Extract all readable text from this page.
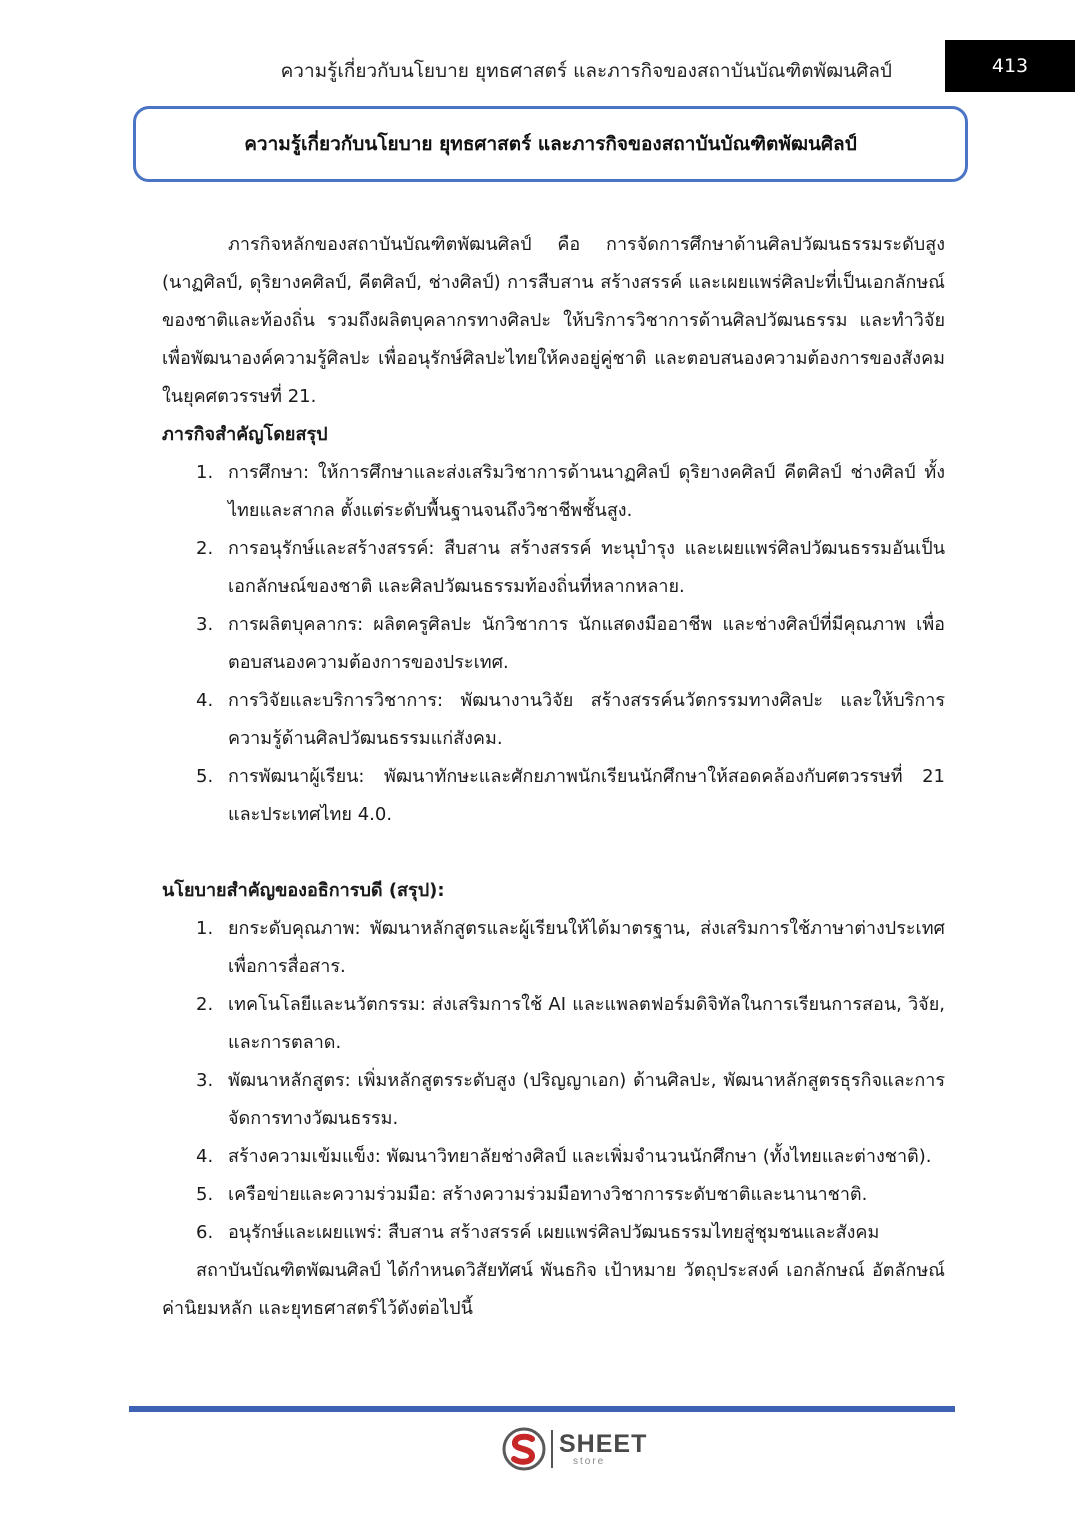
ความรู้เกี่ยวกับนโยบาย ยุทธศาสตร์ และภารกิจของสถาบันบัณฑิตพัฒนศิลป์	413
ความรู้เกี่ยวกับนโยบาย ยุทธศาสตร์ และภารกิจของสถาบันบัณฑิตพัฒนศิลป์

ภารกิจหลักของสถาบันบัณฑิตพัฒนศิลป์ คือ การจัดการศึกษาด้านศิลปวัฒนธรรมระดับสูง (นาฏศิลป์, ดุริยางคศิลป์, คีตศิลป์, ช่างศิลป์) การสืบสาน สร้างสรรค์ และเผยแพร่ศิลปะที่เป็นเอกลักษณ์ของชาติและท้องถิ่น รวมถึงผลิตบุคลากรทางศิลปะ ให้บริการวิชาการด้านศิลปวัฒนธรรม และทำวิจัยเพื่อพัฒนาองค์ความรู้ศิลปะ เพื่ออนุรักษ์ศิลปะไทยให้คงอยู่คู่ชาติ และตอบสนองความต้องการของสังคมในยุคศตวรรษที่ 21.

ภารกิจสำคัญโดยสรุป

1. การศึกษา: ให้การศึกษาและส่งเสริมวิชาการด้านนาฏศิลป์ ดุริยางคศิลป์ คีตศิลป์ ช่างศิลป์ ทั้งไทยและสากล ตั้งแต่ระดับพื้นฐานจนถึงวิชาชีพชั้นสูง.
2. การอนุรักษ์และสร้างสรรค์: สืบสาน สร้างสรรค์ ทะนุบำรุง และเผยแพร่ศิลปวัฒนธรรมอันเป็นเอกลักษณ์ของชาติ และศิลปวัฒนธรรมท้องถิ่นที่หลากหลาย.
3. การผลิตบุคลากร: ผลิตครูศิลปะ นักวิชาการ นักแสดงมืออาชีพ และช่างศิลป์ที่มีคุณภาพ เพื่อตอบสนองความต้องการของประเทศ.
4. การวิจัยและบริการวิชาการ: พัฒนางานวิจัย สร้างสรรค์นวัตกรรมทางศิลปะ และให้บริการความรู้ด้านศิลปวัฒนธรรมแก่สังคม.
5. การพัฒนาผู้เรียน: พัฒนาทักษะและศักยภาพนักเรียนนักศึกษาให้สอดคล้องกับศตวรรษที่ 21 และประเทศไทย 4.0.

นโยบายสำคัญของอธิการบดี (สรุป):

1. ยกระดับคุณภาพ: พัฒนาหลักสูตรและผู้เรียนให้ได้มาตรฐาน, ส่งเสริมการใช้ภาษาต่างประเทศเพื่อการสื่อสาร.
2. เทคโนโลยีและนวัตกรรม: ส่งเสริมการใช้ AI และแพลตฟอร์มดิจิทัลในการเรียนการสอน, วิจัย, และการตลาด.
3. พัฒนาหลักสูตร: เพิ่มหลักสูตรระดับสูง (ปริญญาเอก) ด้านศิลปะ, พัฒนาหลักสูตรธุรกิจและการจัดการทางวัฒนธรรม.
4. สร้างความเข้มแข็ง: พัฒนาวิทยาลัยช่างศิลป์ และเพิ่มจำนวนนักศึกษา (ทั้งไทยและต่างชาติ).
5. เครือข่ายและความร่วมมือ: สร้างความร่วมมือทางวิชาการระดับชาติและนานาชาติ.
6. อนุรักษ์และเผยแพร่: สืบสาน สร้างสรรค์ เผยแพร่ศิลปวัฒนธรรมไทยสู่ชุมชนและสังคม

สถาบันบัณฑิตพัฒนศิลป์ ได้กำหนดวิสัยทัศน์ พันธกิจ เป้าหมาย วัตถุประสงค์ เอกลักษณ์ อัตลักษณ์ ค่านิยมหลัก และยุทธศาสตร์ไว้ดังต่อไปนี้

SHEET
store
